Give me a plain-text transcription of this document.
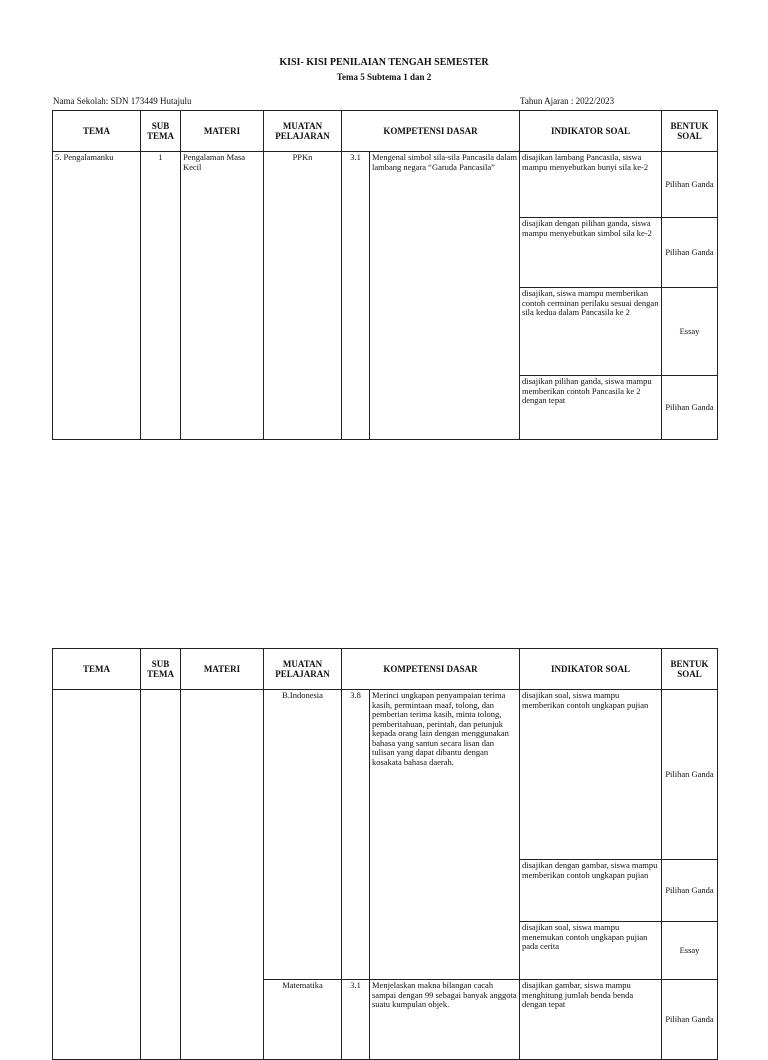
KISI- KISI PENILAIAN TENGAH SEMESTER
Tema 5 Subtema 1 dan 2
Nama Sekolah: SDN 173449 Hutajulu	Tahun Ajaran : 2022/2023
TEMA	SUB TEMA	MATERI	MUATAN PELAJARAN	KOMPETENSI DASAR		INDIKATOR SOAL	BENTUK SOAL
5. Pengalamanku	1	Pengalaman Masa Kecil	PPKn	3.1	Mengenal simbol sila-sila Pancasila dalam lambang negara “Garuda Pancasila”	disajikan lambang Pancasila, siswa mampu menyebutkan bunyi sila ke-2	Pilihan Ganda
						disajikan dengan pilihan ganda, siswa mampu menyebutkan simbol sila ke-2	Pilihan Ganda
						disajikan, siswa mampu memberikan contoh cerminan perilaku sesuai dengan sila kedua dalam Pancasila ke 2	Essay
						disajikan pilihan ganda, siswa mampu memberikan contoh Pancasila ke 2 dengan tepat	Pilihan Ganda
TEMA	SUB TEMA	MATERI	MUATAN PELAJARAN	KOMPETENSI DASAR		INDIKATOR SOAL	BENTUK SOAL
			B.Indonesia	3.8	Merinci ungkapan penyampaian terima kasih, permintaan maaf, tolong, dan pemberian terima kasih, minta tolong, pemberitahuan, perintah, dan petunjuk kepada orang lain dengan menggunakan bahasa yang santun secara lisan dan tulisan yang dapat dibantu dengan kosakata bahasa daerah.	disajikan soal, siswa mampu memberikan contoh ungkapan pujian	Pilihan Ganda
						disajikan dengan gambar, siswa mampu memberikan contoh ungkapan pujian	Pilihan Ganda
						disajikan soal, siswa mampu menemukan contoh ungkapan pujian pada cerita	Essay
			Matematika	3.1	Menjelaskan makna bilangan cacah sampai dengan 99 sebagai banyak anggota suatu kumpulan objek.	disajikan gambar, siswa mampu menghitung jumlah benda benda dengan tepat	Pilihan Ganda
